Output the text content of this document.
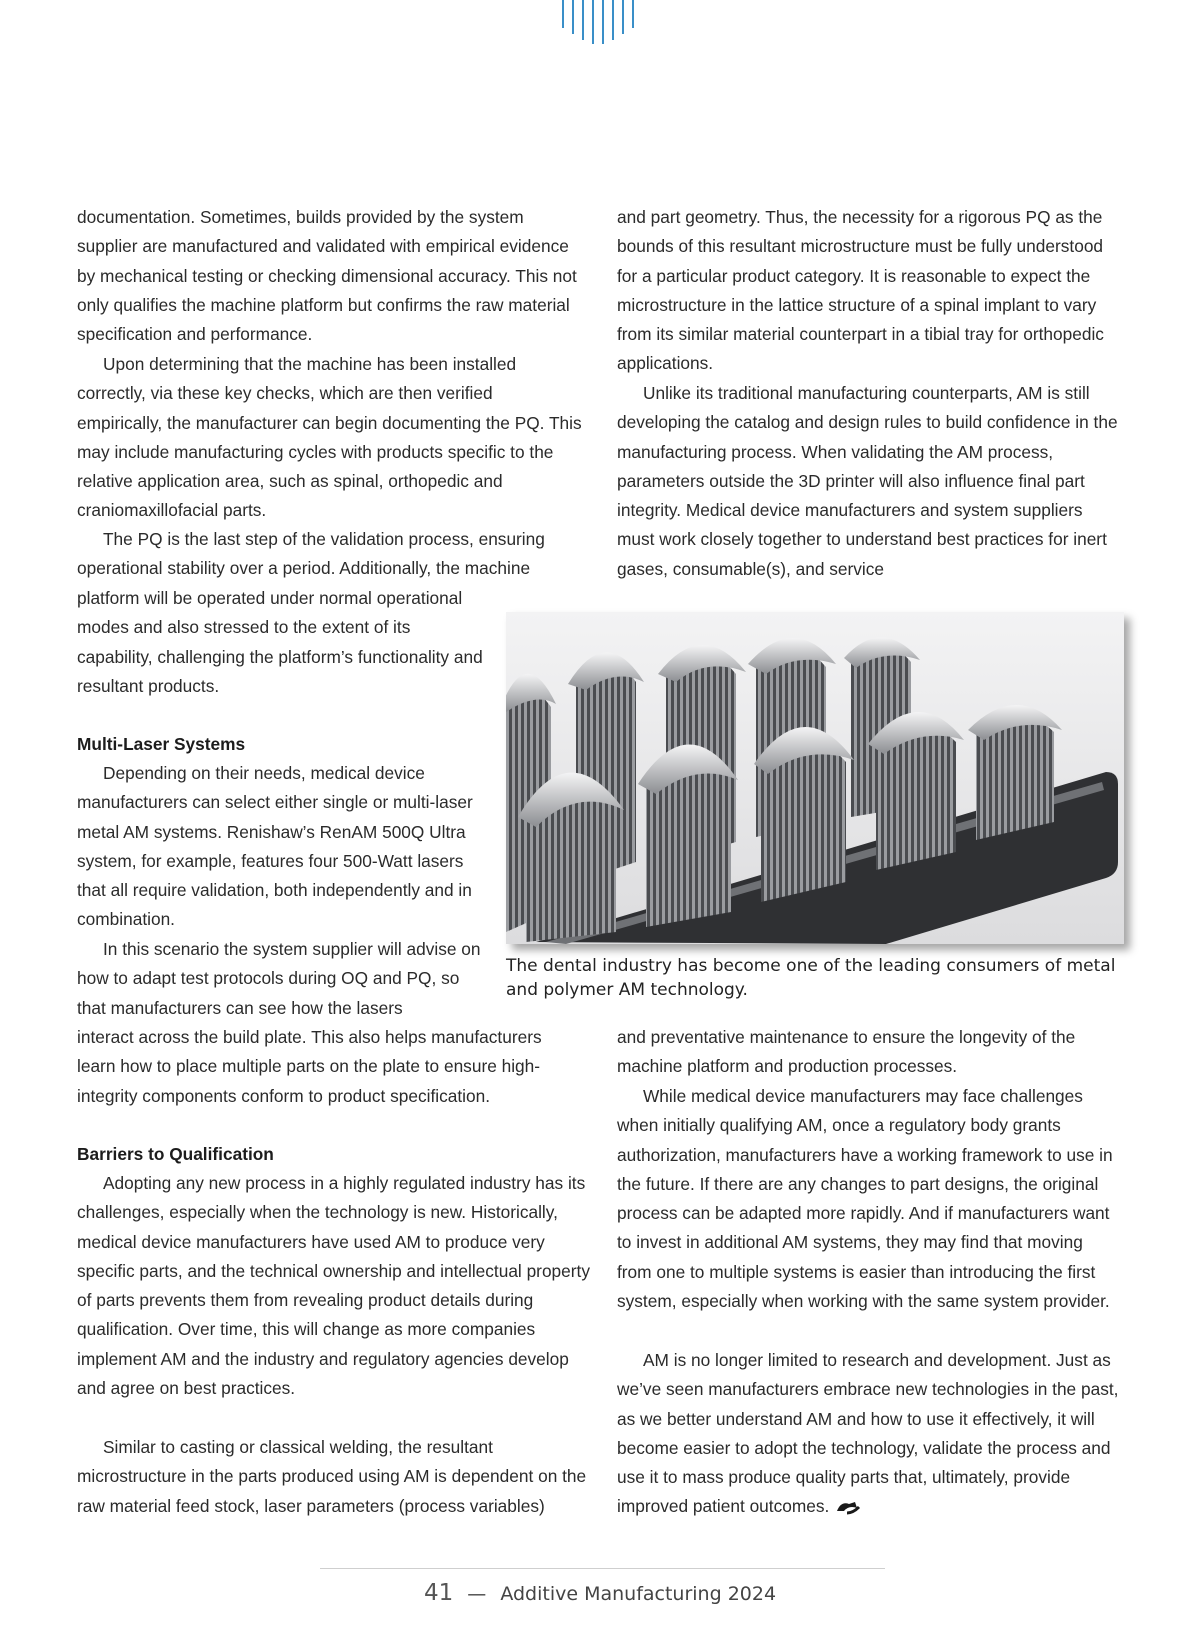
documentation. Sometimes, builds provided by the system supplier are manufactured and validated with empirical evidence by mechanical testing or checking dimensional accuracy. This not only qualifies the machine platform but confirms the raw material specification and performance.

Upon determining that the machine has been installed correctly, via these key checks, which are then verified empirically, the manufacturer can begin documenting the PQ. This may include manufacturing cycles with products specific to the relative application area, such as spinal, orthopedic and craniomaxillofacial parts.

The PQ is the last step of the validation process, ensuring operational stability over a period. Additionally, the machine

platform will be operated under normal operational modes and also stressed to the extent of its capability, challenging the platform’s functionality and resultant products.

Multi-Laser Systems

Depending on their needs, medical device manufacturers can select either single or multi-laser metal AM systems. Renishaw’s RenAM 500Q Ultra system, for example, features four 500-Watt lasers that all require validation, both independently and in combination.

In this scenario the system supplier will advise on how to adapt test protocols during OQ and PQ, so that manufacturers can see how the lasers

interact across the build plate. This also helps manufacturers learn how to place multiple parts on the plate to ensure high-integrity components conform to product specification.

Barriers to Qualification

Adopting any new process in a highly regulated industry has its challenges, especially when the technology is new. Historically, medical device manufacturers have used AM to produce very specific parts, and the technical ownership and intellectual property of parts prevents them from revealing product details during qualification. Over time, this will change as more companies implement AM and the industry and regulatory agencies develop and agree on best practices.

Similar to casting or classical welding, the resultant microstructure in the parts produced using AM is dependent on the raw material feed stock, laser parameters (process variables)

and part geometry. Thus, the necessity for a rigorous PQ as the bounds of this resultant microstructure must be fully understood for a particular product category. It is reasonable to expect the microstructure in the lattice structure of a spinal implant to vary from its similar material counterpart in a tibial tray for orthopedic applications.

Unlike its traditional manufacturing counterparts, AM is still developing the catalog and design rules to build confidence in the manufacturing process. When validating the AM process, parameters outside the 3D printer will also influence final part integrity. Medical device manufacturers and system suppliers must work closely together to understand best practices for inert gases, consumable(s), and service

and preventative maintenance to ensure the longevity of the machine platform and production processes.

While medical device manufacturers may face challenges when initially qualifying AM, once a regulatory body grants authorization, manufacturers have a working framework to use in the future. If there are any changes to part designs, the original process can be adapted more rapidly. And if manufacturers want to invest in additional AM systems, they may find that moving from one to multiple systems is easier than introducing the first system, especially when working with the same system provider.

AM is no longer limited to research and development. Just as we’ve seen manufacturers embrace new technologies in the past, as we better understand AM and how to use it effectively, it will become easier to adopt the technology, validate the process and use it to mass produce quality parts that, ultimately, provide improved patient outcomes.

The dental industry has become one of the leading consumers of metal and polymer AM technology.

41 — Additive Manufacturing 2024
